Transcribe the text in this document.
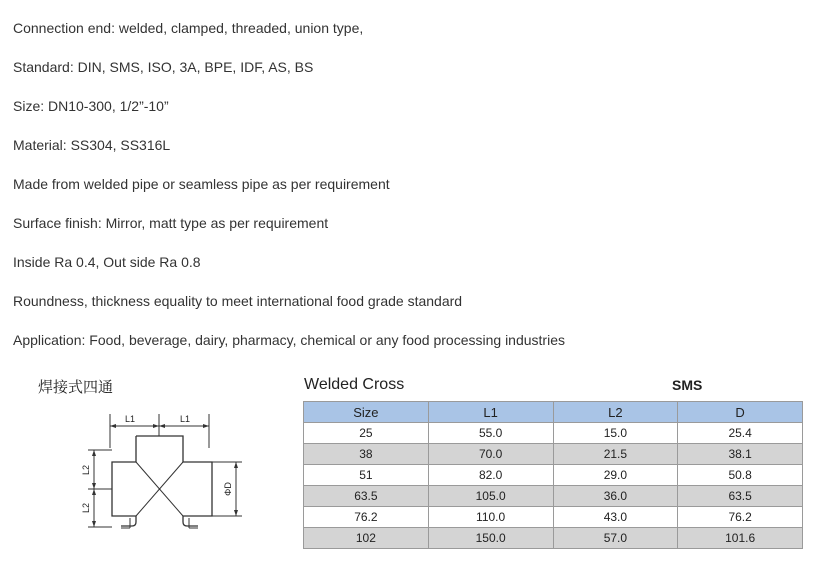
Connection end: welded, clamped, threaded, union type,
Standard: DIN, SMS, ISO, 3A, BPE, IDF, AS, BS
Size: DN10-300, 1/2”-10”
Material: SS304, SS316L
Made from welded pipe or seamless pipe as per requirement
Surface finish: Mirror, matt type as per requirement
Inside Ra 0.4, Out side Ra 0.8
Roundness, thickness equality to meet international food grade standard
Application: Food, beverage, dairy, pharmacy, chemical or any food processing industries
焊接式四通
L1	L1
L2
L2
ΦD
Welded Cross	SMS
Size	L1	L2	D
25	55.0	15.0	25.4
38	70.0	21.5	38.1
51	82.0	29.0	50.8
63.5	105.0	36.0	63.5
76.2	110.0	43.0	76.2
102	150.0	57.0	101.6
